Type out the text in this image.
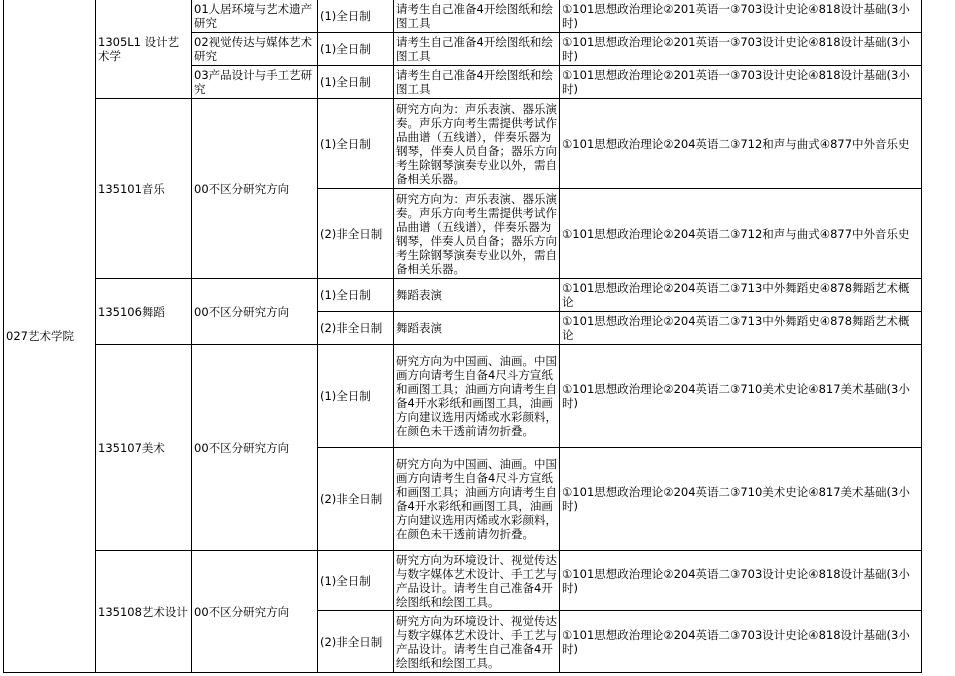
027艺术学院	1305L1 设计艺术学	01人居环境与艺术遗产研究	(1)全日制	请考生自己准备4开绘图纸和绘图工具	①101思想政治理论②201英语一③703设计史论④818设计基础(3小时)
		02视觉传达与媒体艺术研究	(1)全日制	请考生自己准备4开绘图纸和绘图工具	①101思想政治理论②201英语一③703设计史论④818设计基础(3小时)
		03产品设计与手工艺研究	(1)全日制	请考生自己准备4开绘图纸和绘图工具	①101思想政治理论②201英语一③703设计史论④818设计基础(3小时)
	135101音乐	00不区分研究方向	(1)全日制	研究方向为：声乐表演、器乐演奏。声乐方向考生需提供考试作品曲谱（五线谱），伴奏乐器为钢琴，伴奏人员自备；器乐方向考生除钢琴演奏专业以外，需自备相关乐器。	①101思想政治理论②204英语二③712和声与曲式④877中外音乐史
			(2)非全日制	研究方向为：声乐表演、器乐演奏。声乐方向考生需提供考试作品曲谱（五线谱），伴奏乐器为钢琴，伴奏人员自备；器乐方向考生除钢琴演奏专业以外，需自备相关乐器。	①101思想政治理论②204英语二③712和声与曲式④877中外音乐史
	135106舞蹈	00不区分研究方向	(1)全日制	舞蹈表演	①101思想政治理论②204英语二③713中外舞蹈史④878舞蹈艺术概论
			(2)非全日制	舞蹈表演	①101思想政治理论②204英语二③713中外舞蹈史④878舞蹈艺术概论
	135107美术	00不区分研究方向	(1)全日制	研究方向为中国画、油画。中国画方向请考生自备4尺斗方宣纸和画图工具；油画方向请考生自备4开水彩纸和画图工具，油画方向建议选用丙烯或水彩颜料，在颜色未干透前请勿折叠。	①101思想政治理论②204英语二③710美术史论④817美术基础(3小时)
			(2)非全日制	研究方向为中国画、油画。中国画方向请考生自备4尺斗方宣纸和画图工具；油画方向请考生自备4开水彩纸和画图工具，油画方向建议选用丙烯或水彩颜料，在颜色未干透前请勿折叠。	①101思想政治理论②204英语二③710美术史论④817美术基础(3小时)
	135108艺术设计	00不区分研究方向	(1)全日制	研究方向为环境设计、视觉传达与数字媒体艺术设计、手工艺与产品设计。请考生自己准备4开绘图纸和绘图工具。	①101思想政治理论②204英语二③703设计史论④818设计基础(3小时)
			(2)非全日制	研究方向为环境设计、视觉传达与数字媒体艺术设计、手工艺与产品设计。请考生自己准备4开绘图纸和绘图工具。	①101思想政治理论②204英语二③703设计史论④818设计基础(3小时)
